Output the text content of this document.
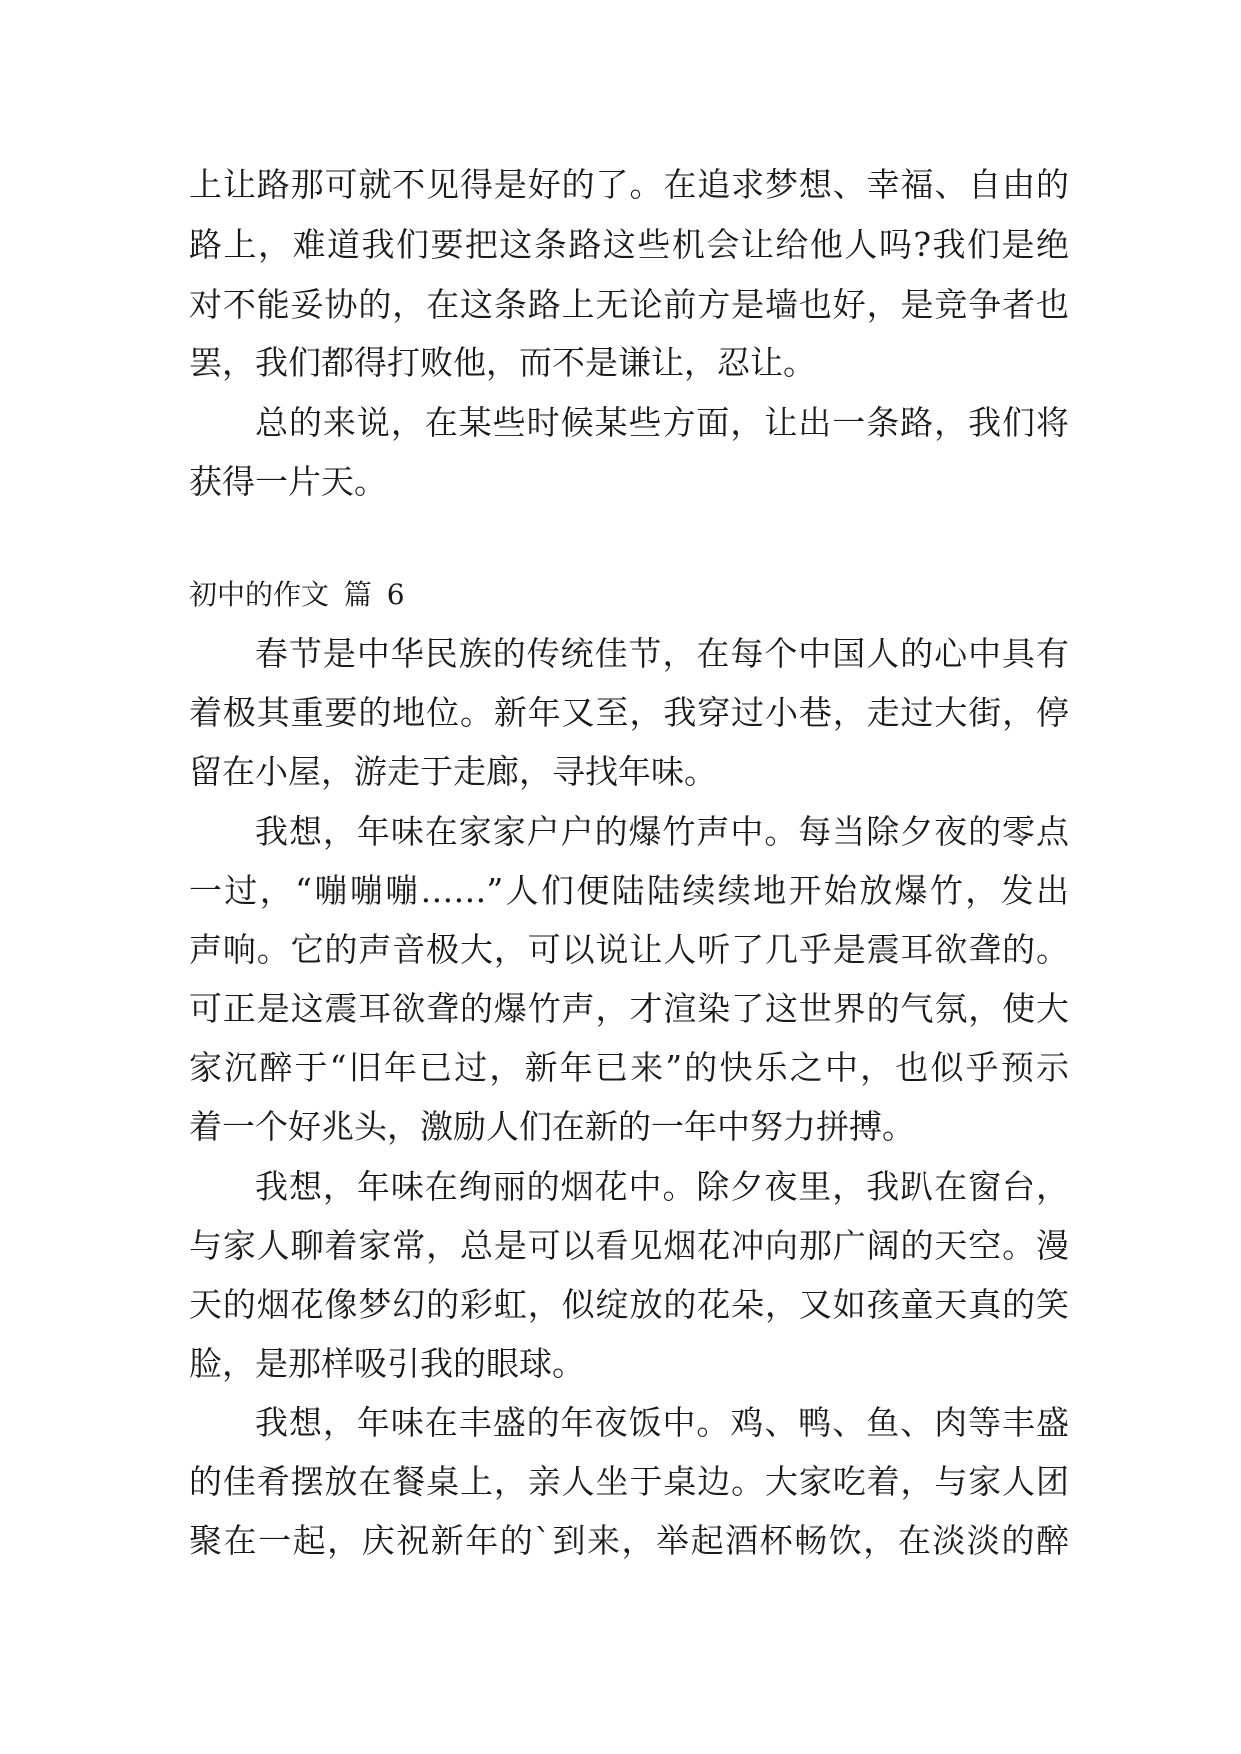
上让路那可就不见得是好的了。在追求梦想、幸福、自由的
路上，难道我们要把这条路这些机会让给他人吗?我们是绝
对不能妥协的，在这条路上无论前方是墙也好，是竞争者也
罢，我们都得打败他，而不是谦让，忍让。
总的来说，在某些时候某些方面，让出一条路，我们将
获得一片天。
初中的作文 篇 6
春节是中华民族的传统佳节，在每个中国人的心中具有
着极其重要的地位。新年又至，我穿过小巷，走过大街，停
留在小屋，游走于走廊，寻找年味。
我想，年味在家家户户的爆竹声中。每当除夕夜的零点
一过，“嘣嘣嘣……”人们便陆陆续续地开始放爆竹，发出
声响。它的声音极大，可以说让人听了几乎是震耳欲聋的。
可正是这震耳欲聋的爆竹声，才渲染了这世界的气氛，使大
家沉醉于“旧年已过，新年已来”的快乐之中，也似乎预示
着一个好兆头，激励人们在新的一年中努力拼搏。
我想，年味在绚丽的烟花中。除夕夜里，我趴在窗台，
与家人聊着家常，总是可以看见烟花冲向那广阔的天空。漫
天的烟花像梦幻的彩虹，似绽放的花朵，又如孩童天真的笑
脸，是那样吸引我的眼球。
我想，年味在丰盛的年夜饭中。鸡、鸭、鱼、肉等丰盛
的佳肴摆放在餐桌上，亲人坐于桌边。大家吃着，与家人团
聚在一起，庆祝新年的`到来，举起酒杯畅饮，在淡淡的醉
